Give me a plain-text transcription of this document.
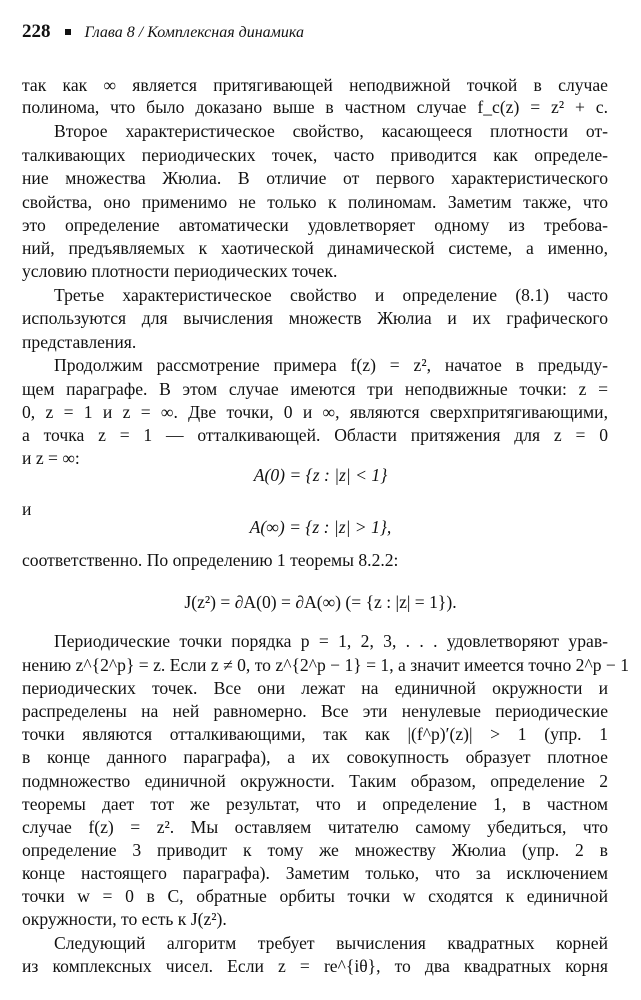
228 Глава 8 / Комплексная динамика
так как ∞ является притягивающей неподвижной точкой в случае
полинома, что было доказано выше в частном случае f_c(z) = z² + c.
Второе характеристическое свойство, касающееся плотности от-
талкивающих периодических точек, часто приводится как определе-
ние множества Жюлиа. В отличие от первого характеристического
свойства, оно применимо не только к полиномам. Заметим также, что
это определение автоматически удовлетворяет одному из требова-
ний, предъявляемых к хаотической динамической системе, а именно,
условию плотности периодических точек.
Третье характеристическое свойство и определение (8.1) часто
используются для вычисления множеств Жюлиа и их графического
представления.
Продолжим рассмотрение примера f(z) = z², начатое в предыду-
щем параграфе. В этом случае имеются три неподвижные точки: z =
0, z = 1 и z = ∞. Две точки, 0 и ∞, являются сверхпритягивающими,
а точка z = 1 — отталкивающей. Области притяжения для z = 0
и z = ∞:
A(0) = {z : |z| < 1}
и
A(∞) = {z : |z| > 1},
соответственно. По определению 1 теоремы 8.2.2:
J(z²) = ∂A(0) = ∂A(∞) (= {z : |z| = 1}).
Периодические точки порядка p = 1, 2, 3, . . . удовлетворяют урав-
нению z^{2^p} = z. Если z ≠ 0, то z^{2^p − 1} = 1, а значит имеется точно 2^p − 1
периодических точек. Все они лежат на единичной окружности и
распределены на ней равномерно. Все эти ненулевые периодические
точки являются отталкивающими, так как |(f^p)′(z)| > 1 (упр. 1
в конце данного параграфа), а их совокупность образует плотное
подмножество единичной окружности. Таким образом, определение 2
теоремы дает тот же результат, что и определение 1, в частном
случае f(z) = z². Мы оставляем читателю самому убедиться, что
определение 3 приводит к тому же множеству Жюлиа (упр. 2 в
конце настоящего параграфа). Заметим только, что за исключением
точки w = 0 в C, обратные орбиты точки w сходятся к единичной
окружности, то есть к J(z²).
Следующий алгоритм требует вычисления квадратных корней
из комплексных чисел. Если z = re^{iθ}, то два квадратных корня
